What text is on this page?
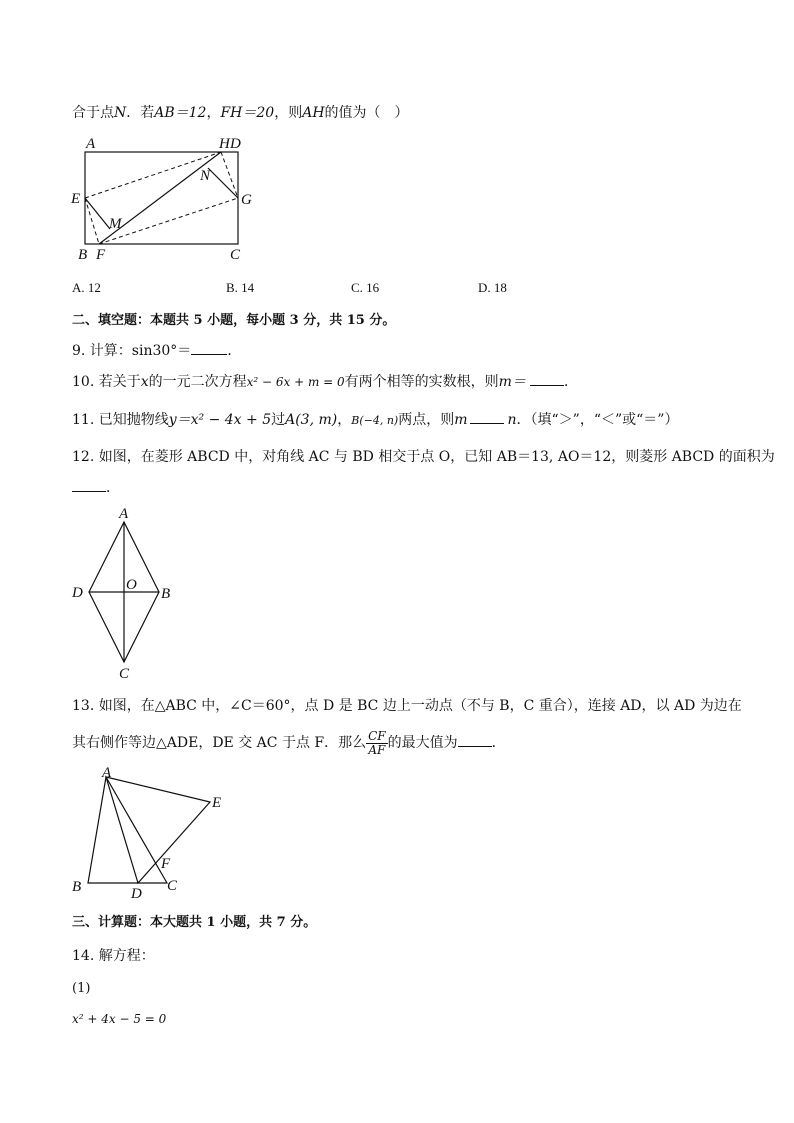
合于点N．若AB＝12，FH＝20，则AH的值为（　）
A	H D
E
N
G
M
B F	C
A. 12	B. 14	C. 16	D. 18
二、填空题：本题共 5 小题，每小题 3 分，共 15 分。
9. 计算：sin30°＝	．
10. 若关于x的一元二次方程x² − 6x + m = 0有两个相等的实数根，则m＝	．
11. 已知抛物线y＝x² − 4x + 5过A(3, m)，B(−4, n)两点，则m	n．（填“＞”，“＜”或“＝”）
12. 如图，在菱形 ABCD 中，对角线 AC 与 BD 相交于点 O，已知 AB＝13, AO＝12，则菱形 ABCD 的面积为
．
A
D	O
B
C
13. 如图，在△ABC 中，∠C＝60°，点 D 是 BC 边上一动点（不与 B，C 重合），连接 AD，以 AD 为边在
其右侧作等边△ADE，DE 交 AC 于点 F．那么 $\frac{CF}{AF}$ 的最大值为 ．
A
E
F
B	D C
三、计算题：本大题共 1 小题，共 7 分。
14. 解方程：
(1)
x² + 4x − 5 = 0
